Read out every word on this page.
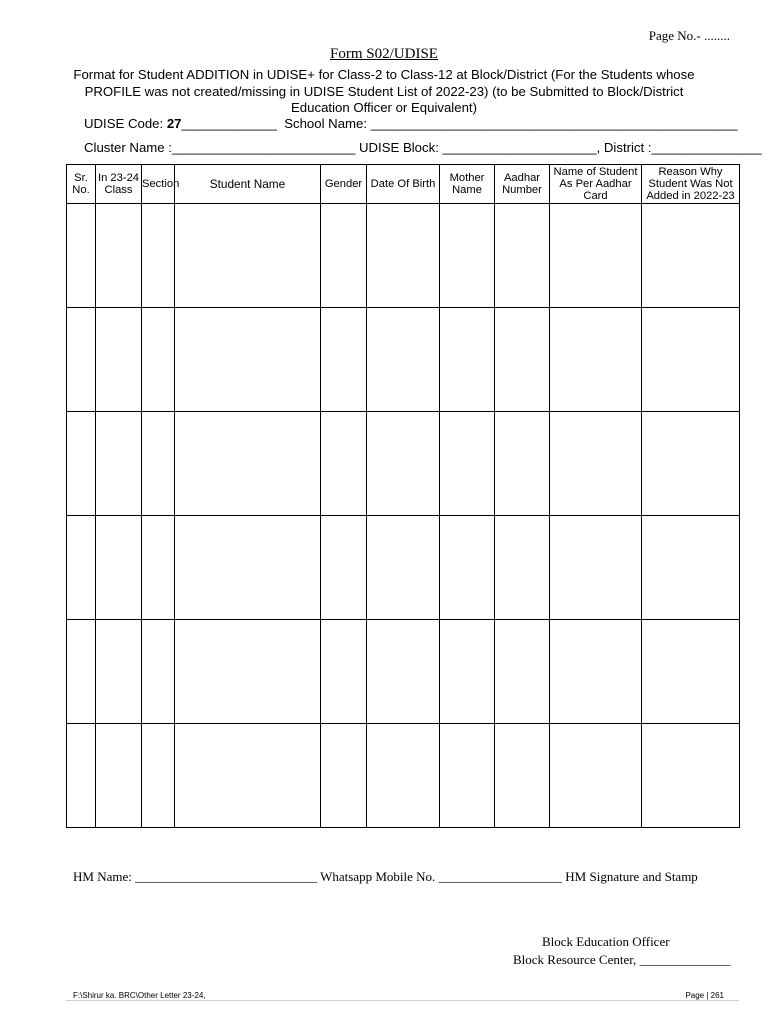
Page No.- ........
Form S02/UDISE
Format for Student ADDITION in UDISE+ for Class-2 to Class-12 at Block/District (For the Students whose PROFILE was not created/missing in UDISE Student List of 2022-23) (to be Submitted to Block/District Education Officer or Equivalent)
UDISE Code: 27_____________ School Name: __________________________________________________
Cluster Name :_________________________ UDISE Block: _____________________, District :_______________
Sr. No.	In 23-24 Class	Section	Student Name	Gender	Date Of Birth	Mother Name	Aadhar Number	Name of Student As Per Aadhar Card	Reason Why Student Was Not Added in 2022-23

HM Name: ____________________________ Whatsapp Mobile No. ___________________ HM Signature and Stamp
Block Education Officer
Block Resource Center, ______________
F:\Shirur ka. BRC\Other Letter 23-24,	Page | 261
